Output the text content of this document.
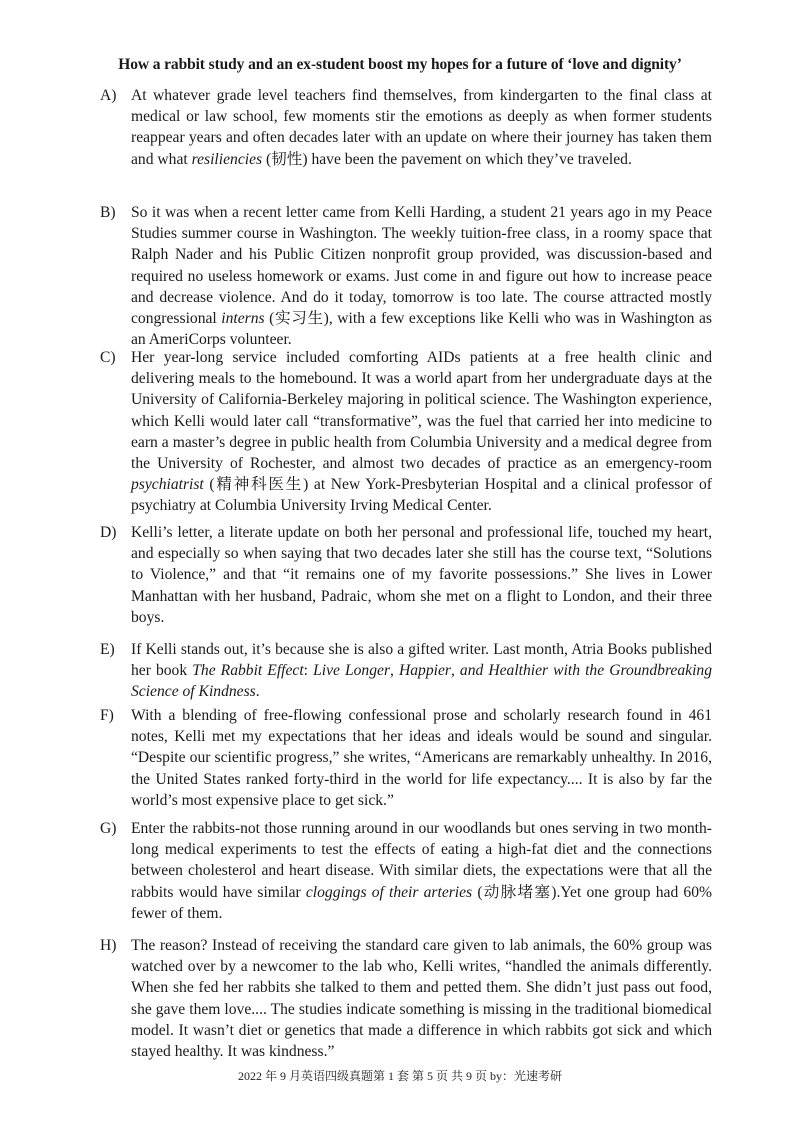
How a rabbit study and an ex-student boost my hopes for a future of ‘love and dignity’
A) At whatever grade level teachers find themselves, from kindergarten to the final class at medical or law school, few moments stir the emotions as deeply as when former students reappear years and often decades later with an update on where their journey has taken them and what resiliencies (韧性) have been the pavement on which they’ve traveled.
B) So it was when a recent letter came from Kelli Harding, a student 21 years ago in my Peace Studies summer course in Washington. The weekly tuition-free class, in a roomy space that Ralph Nader and his Public Citizen nonprofit group provided, was discussion-based and required no useless homework or exams. Just come in and figure out how to increase peace and decrease violence. And do it today, tomorrow is too late. The course attracted mostly congressional interns (实习生), with a few exceptions like Kelli who was in Washington as an AmeriCorps volunteer.
C) Her year-long service included comforting AIDs patients at a free health clinic and delivering meals to the homebound. It was a world apart from her undergraduate days at the University of California-Berkeley majoring in political science. The Washington experience, which Kelli would later call “transformative”, was the fuel that carried her into medicine to earn a master’s degree in public health from Columbia University and a medical degree from the University of Rochester, and almost two decades of practice as an emergency-room psychiatrist (精神科医生) at New York-Presbyterian Hospital and a clinical professor of psychiatry at Columbia University Irving Medical Center.
D) Kelli’s letter, a literate update on both her personal and professional life, touched my heart, and especially so when saying that two decades later she still has the course text, “Solutions to Violence,” and that “it remains one of my favorite possessions.” She lives in Lower Manhattan with her husband, Padraic, whom she met on a flight to London, and their three boys.
E)	If Kelli stands out, it’s because she is also a gifted writer. Last month, Atria Books published her book The Rabbit Effect: Live Longer, Happier, and Healthier with the Groundbreaking Science of Kindness.
F)	With a blending of free-flowing confessional prose and scholarly research found in 461 notes, Kelli met my expectations that her ideas and ideals would be sound and singular. “Despite our scientific progress,” she writes, “Americans are remarkably unhealthy. In 2016, the United States ranked forty-third in the world for life expectancy.... It is also by far the world’s most expensive place to get sick.”
G) Enter the rabbits-not those running around in our woodlands but ones serving in two month-long medical experiments to test the effects of eating a high-fat diet and the connections between cholesterol and heart disease. With similar diets, the expectations were that all the rabbits would have similar cloggings of their arteries (动脉堵塞).Yet one group had 60% fewer of them.
H) The reason? Instead of receiving the standard care given to lab animals, the 60% group was watched over by a newcomer to the lab who, Kelli writes, “handled the animals differently. When she fed her rabbits she talked to them and petted them. She didn’t just pass out food, she gave them love.... The studies indicate something is missing in the traditional biomedical model. It wasn’t diet or genetics that made a difference in which rabbits got sick and which stayed healthy. It was kindness.”
2022 年 9 月英语四级真题第 1 套 第 5 页 共 9 页 by：光速考研
